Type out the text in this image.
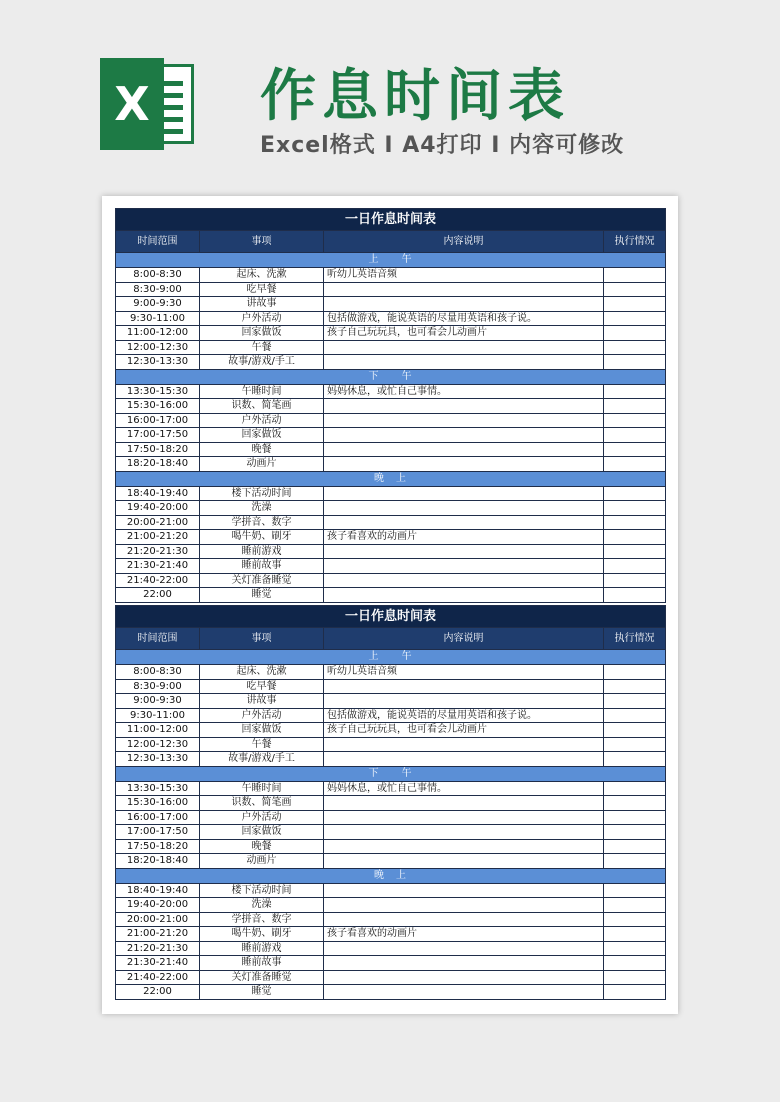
X 作息时间表
Excel格式 I A4打印 I 内容可修改
一日作息时间表			
时间范围	事项	内容说明	执行情况
上　　午			
8:00-8:30	起床、洗漱	听幼儿英语音频	
8:30-9:00	吃早餐		
9:00-9:30	讲故事		
9:30-11:00	户外活动	包括做游戏，能说英语的尽量用英语和孩子说。	
11:00-12:00	回家做饭	孩子自己玩玩具，也可看会儿动画片	
12:00-12:30	午餐		
12:30-13:30	故事/游戏/手工		
下　　午			
13:30-15:30	午睡时间	妈妈休息，或忙自己事情。	
15:30-16:00	识数、简笔画		
16:00-17:00	户外活动		
17:00-17:50	回家做饭		
17:50-18:20	晚餐		
18:20-18:40	动画片		
晚　上			
18:40-19:40	楼下活动时间		
19:40-20:00	洗澡		
20:00-21:00	学拼音、数字		
21:00-21:20	喝牛奶、刷牙	孩子看喜欢的动画片	
21:20-21:30	睡前游戏		
21:30-21:40	睡前故事		
21:40-22:00	关灯准备睡觉		
22:00	睡觉		
一日作息时间表			
时间范围	事项	内容说明	执行情况
上　　午			
8:00-8:30	起床、洗漱	听幼儿英语音频	
8:30-9:00	吃早餐		
9:00-9:30	讲故事		
9:30-11:00	户外活动	包括做游戏，能说英语的尽量用英语和孩子说。	
11:00-12:00	回家做饭	孩子自己玩玩具，也可看会儿动画片	
12:00-12:30	午餐		
12:30-13:30	故事/游戏/手工		
下　　午			
13:30-15:30	午睡时间	妈妈休息，或忙自己事情。	
15:30-16:00	识数、简笔画		
16:00-17:00	户外活动		
17:00-17:50	回家做饭		
17:50-18:20	晚餐		
18:20-18:40	动画片		
晚　上			
18:40-19:40	楼下活动时间		
19:40-20:00	洗澡		
20:00-21:00	学拼音、数字		
21:00-21:20	喝牛奶、刷牙	孩子看喜欢的动画片	
21:20-21:30	睡前游戏		
21:30-21:40	睡前故事		
21:40-22:00	关灯准备睡觉		
22:00	睡觉		
